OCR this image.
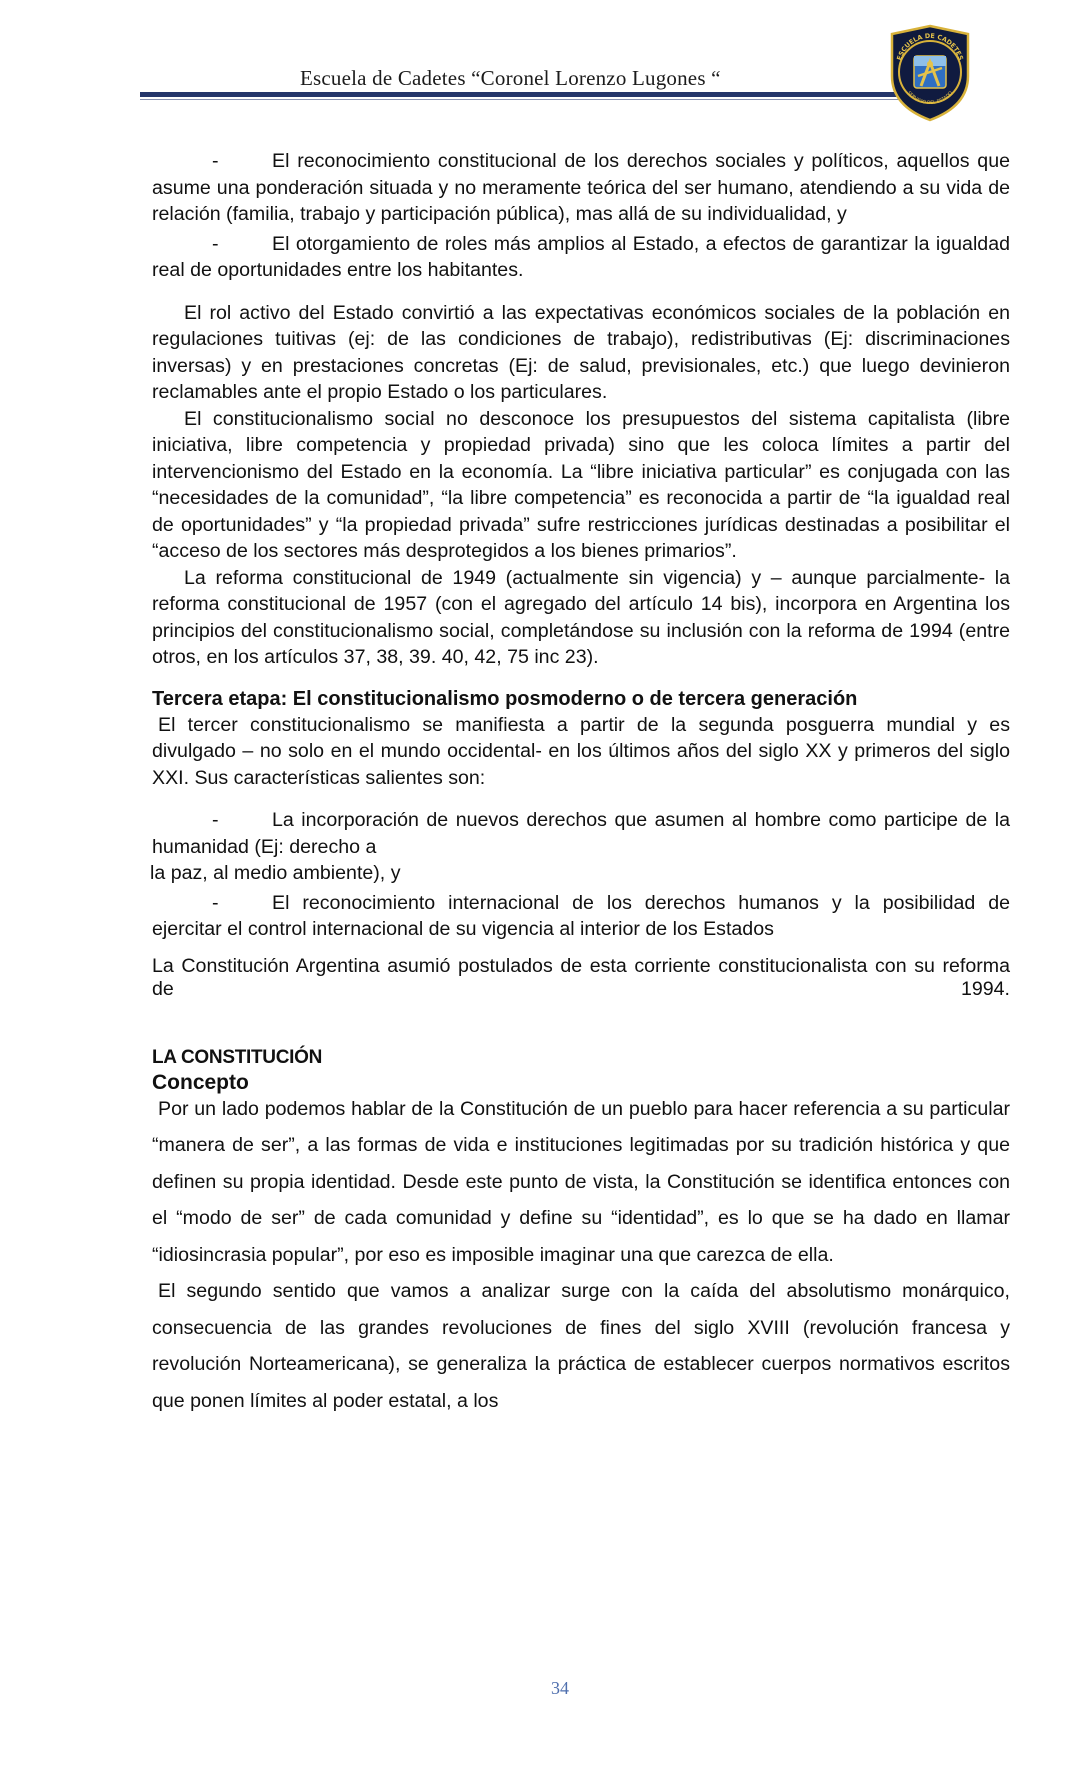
Escuela de Cadetes “Coronel Lorenzo Lugones “
ESCUELA DE CADETES
SERVICIO DEL ESTADO

-	El reconocimiento constitucional de los derechos sociales y políticos, aquellos que asume una ponderación situada y no meramente teórica del ser humano, atendiendo a su vida de relación (familia, trabajo y participación pública), mas allá de su individualidad, y

-	El otorgamiento de roles más amplios al Estado, a efectos de garantizar la igualdad real de oportunidades entre los habitantes.

El rol activo del Estado convirtió a las expectativas económicos sociales de la población en regulaciones tuitivas (ej: de las condiciones de trabajo), redistributivas (Ej: discriminaciones inversas) y en prestaciones concretas (Ej: de salud, previsionales, etc.) que luego devinieron reclamables ante el propio Estado o los particulares.

El constitucionalismo social no desconoce los presupuestos del sistema capitalista (libre iniciativa, libre competencia y propiedad privada) sino que les coloca límites a partir del intervencionismo del Estado en la economía. La “libre iniciativa particular” es conjugada con las “necesidades de la comunidad”, “la libre competencia” es reconocida a partir de “la igualdad real de oportunidades” y “la propiedad privada” sufre restricciones jurídicas destinadas a posibilitar el “acceso de los sectores más desprotegidos a los bienes primarios”.

La reforma constitucional de 1949 (actualmente sin vigencia) y – aunque parcialmente- la reforma constitucional de 1957 (con el agregado del artículo 14 bis), incorpora en Argentina los principios del constitucionalismo social, completándose su inclusión con la reforma de 1994 (entre otros, en los artículos 37, 38, 39. 40, 42, 75 inc 23).

Tercera etapa: El constitucionalismo posmoderno o de tercera generación

El tercer constitucionalismo se manifiesta a partir de la segunda posguerra mundial y es divulgado – no solo en el mundo occidental- en los últimos años del siglo XX y primeros del siglo XXI. Sus características salientes son:

-	La incorporación de nuevos derechos que asumen al hombre como participe de la humanidad (Ej: derecho a
la paz, al medio ambiente), y

-	El reconocimiento internacional de los derechos humanos y la posibilidad de ejercitar el control internacional de su vigencia al interior de los Estados

La Constitución Argentina asumió postulados de esta corriente constitucionalista con su reforma de 1994.

LA CONSTITUCIÓN

Concepto

Por un lado podemos hablar de la Constitución de un pueblo para hacer referencia a su particular “manera de ser”, a las formas de vida e instituciones legitimadas por su tradición histórica y que definen su propia identidad. Desde este punto de vista, la Constitución se identifica entonces con el “modo de ser” de cada comunidad y define su “identidad”, es lo que se ha dado en llamar “idiosincrasia popular”, por eso es imposible imaginar una que carezca de ella.

El segundo sentido que vamos a analizar surge con la caída del absolutismo monárquico, consecuencia de las grandes revoluciones de fines del siglo XVIII (revolución francesa y revolución Norteamericana), se generaliza la práctica de establecer cuerpos normativos escritos que ponen límites al poder estatal, a los

34
